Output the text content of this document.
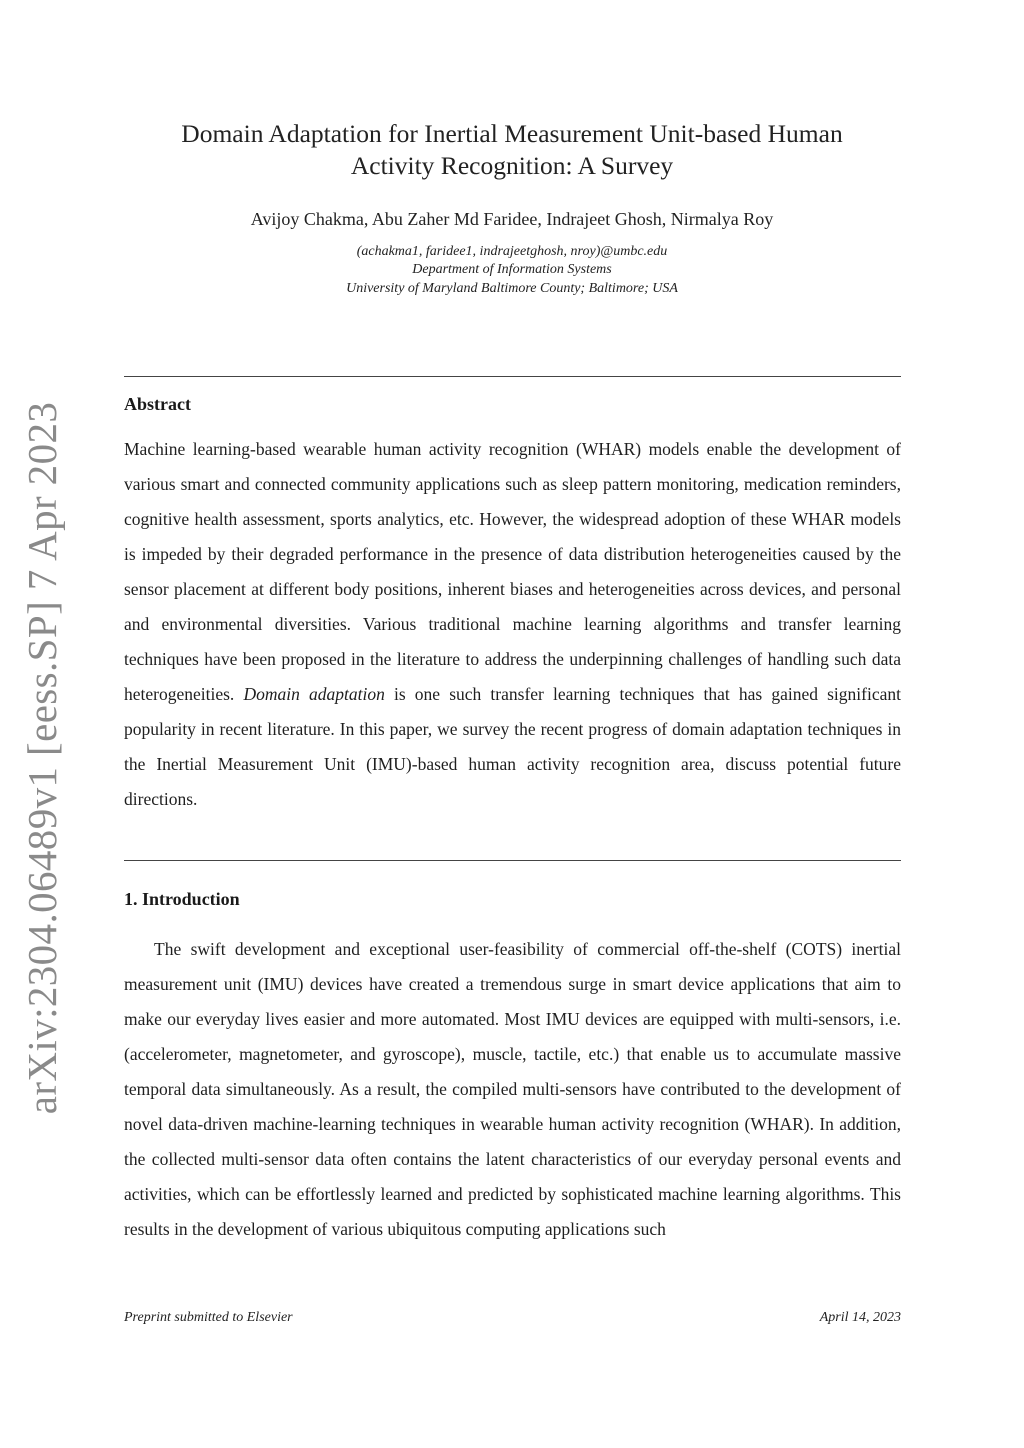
arXiv:2304.06489v1 [eess.SP] 7 Apr 2023
Domain Adaptation for Inertial Measurement Unit-based Human
Activity Recognition: A Survey
Avijoy Chakma, Abu Zaher Md Faridee, Indrajeet Ghosh, Nirmalya Roy
(achakma1, faridee1, indrajeetghosh, nroy)@umbc.edu
Department of Information Systems
University of Maryland Baltimore County; Baltimore; USA
Abstract
Machine learning-based wearable human activity recognition (WHAR) models enable the development of various smart and connected community applications such as sleep pattern monitoring, medication reminders, cognitive health assessment, sports analytics, etc. However, the widespread adoption of these WHAR models is impeded by their degraded performance in the presence of data distribution heterogeneities caused by the sensor placement at different body positions, inherent biases and heterogeneities across devices, and personal and environmental diversities. Various traditional machine learning algorithms and transfer learning techniques have been proposed in the literature to address the underpinning challenges of handling such data heterogeneities. Domain adaptation is one such transfer learning techniques that has gained significant popularity in recent literature. In this paper, we survey the recent progress of domain adaptation techniques in the Inertial Measurement Unit (IMU)-based human activity recognition area, discuss potential future directions.
1. Introduction
The swift development and exceptional user-feasibility of commercial off-the-shelf (COTS) inertial measurement unit (IMU) devices have created a tremendous surge in smart device applications that aim to make our everyday lives easier and more automated. Most IMU devices are equipped with multi-sensors, i.e. (accelerometer, magnetometer, and gyroscope), muscle, tactile, etc.) that enable us to accumulate massive temporal data simultaneously. As a result, the compiled multi-sensors have contributed to the development of novel data-driven machine-learning techniques in wearable human activity recognition (WHAR). In addition, the collected multi-sensor data often contains the latent characteristics of our everyday personal events and activities, which can be effortlessly learned and predicted by sophisticated machine learning algorithms. This results in the development of various ubiquitous computing applications such
Preprint submitted to Elsevier	April 14, 2023
